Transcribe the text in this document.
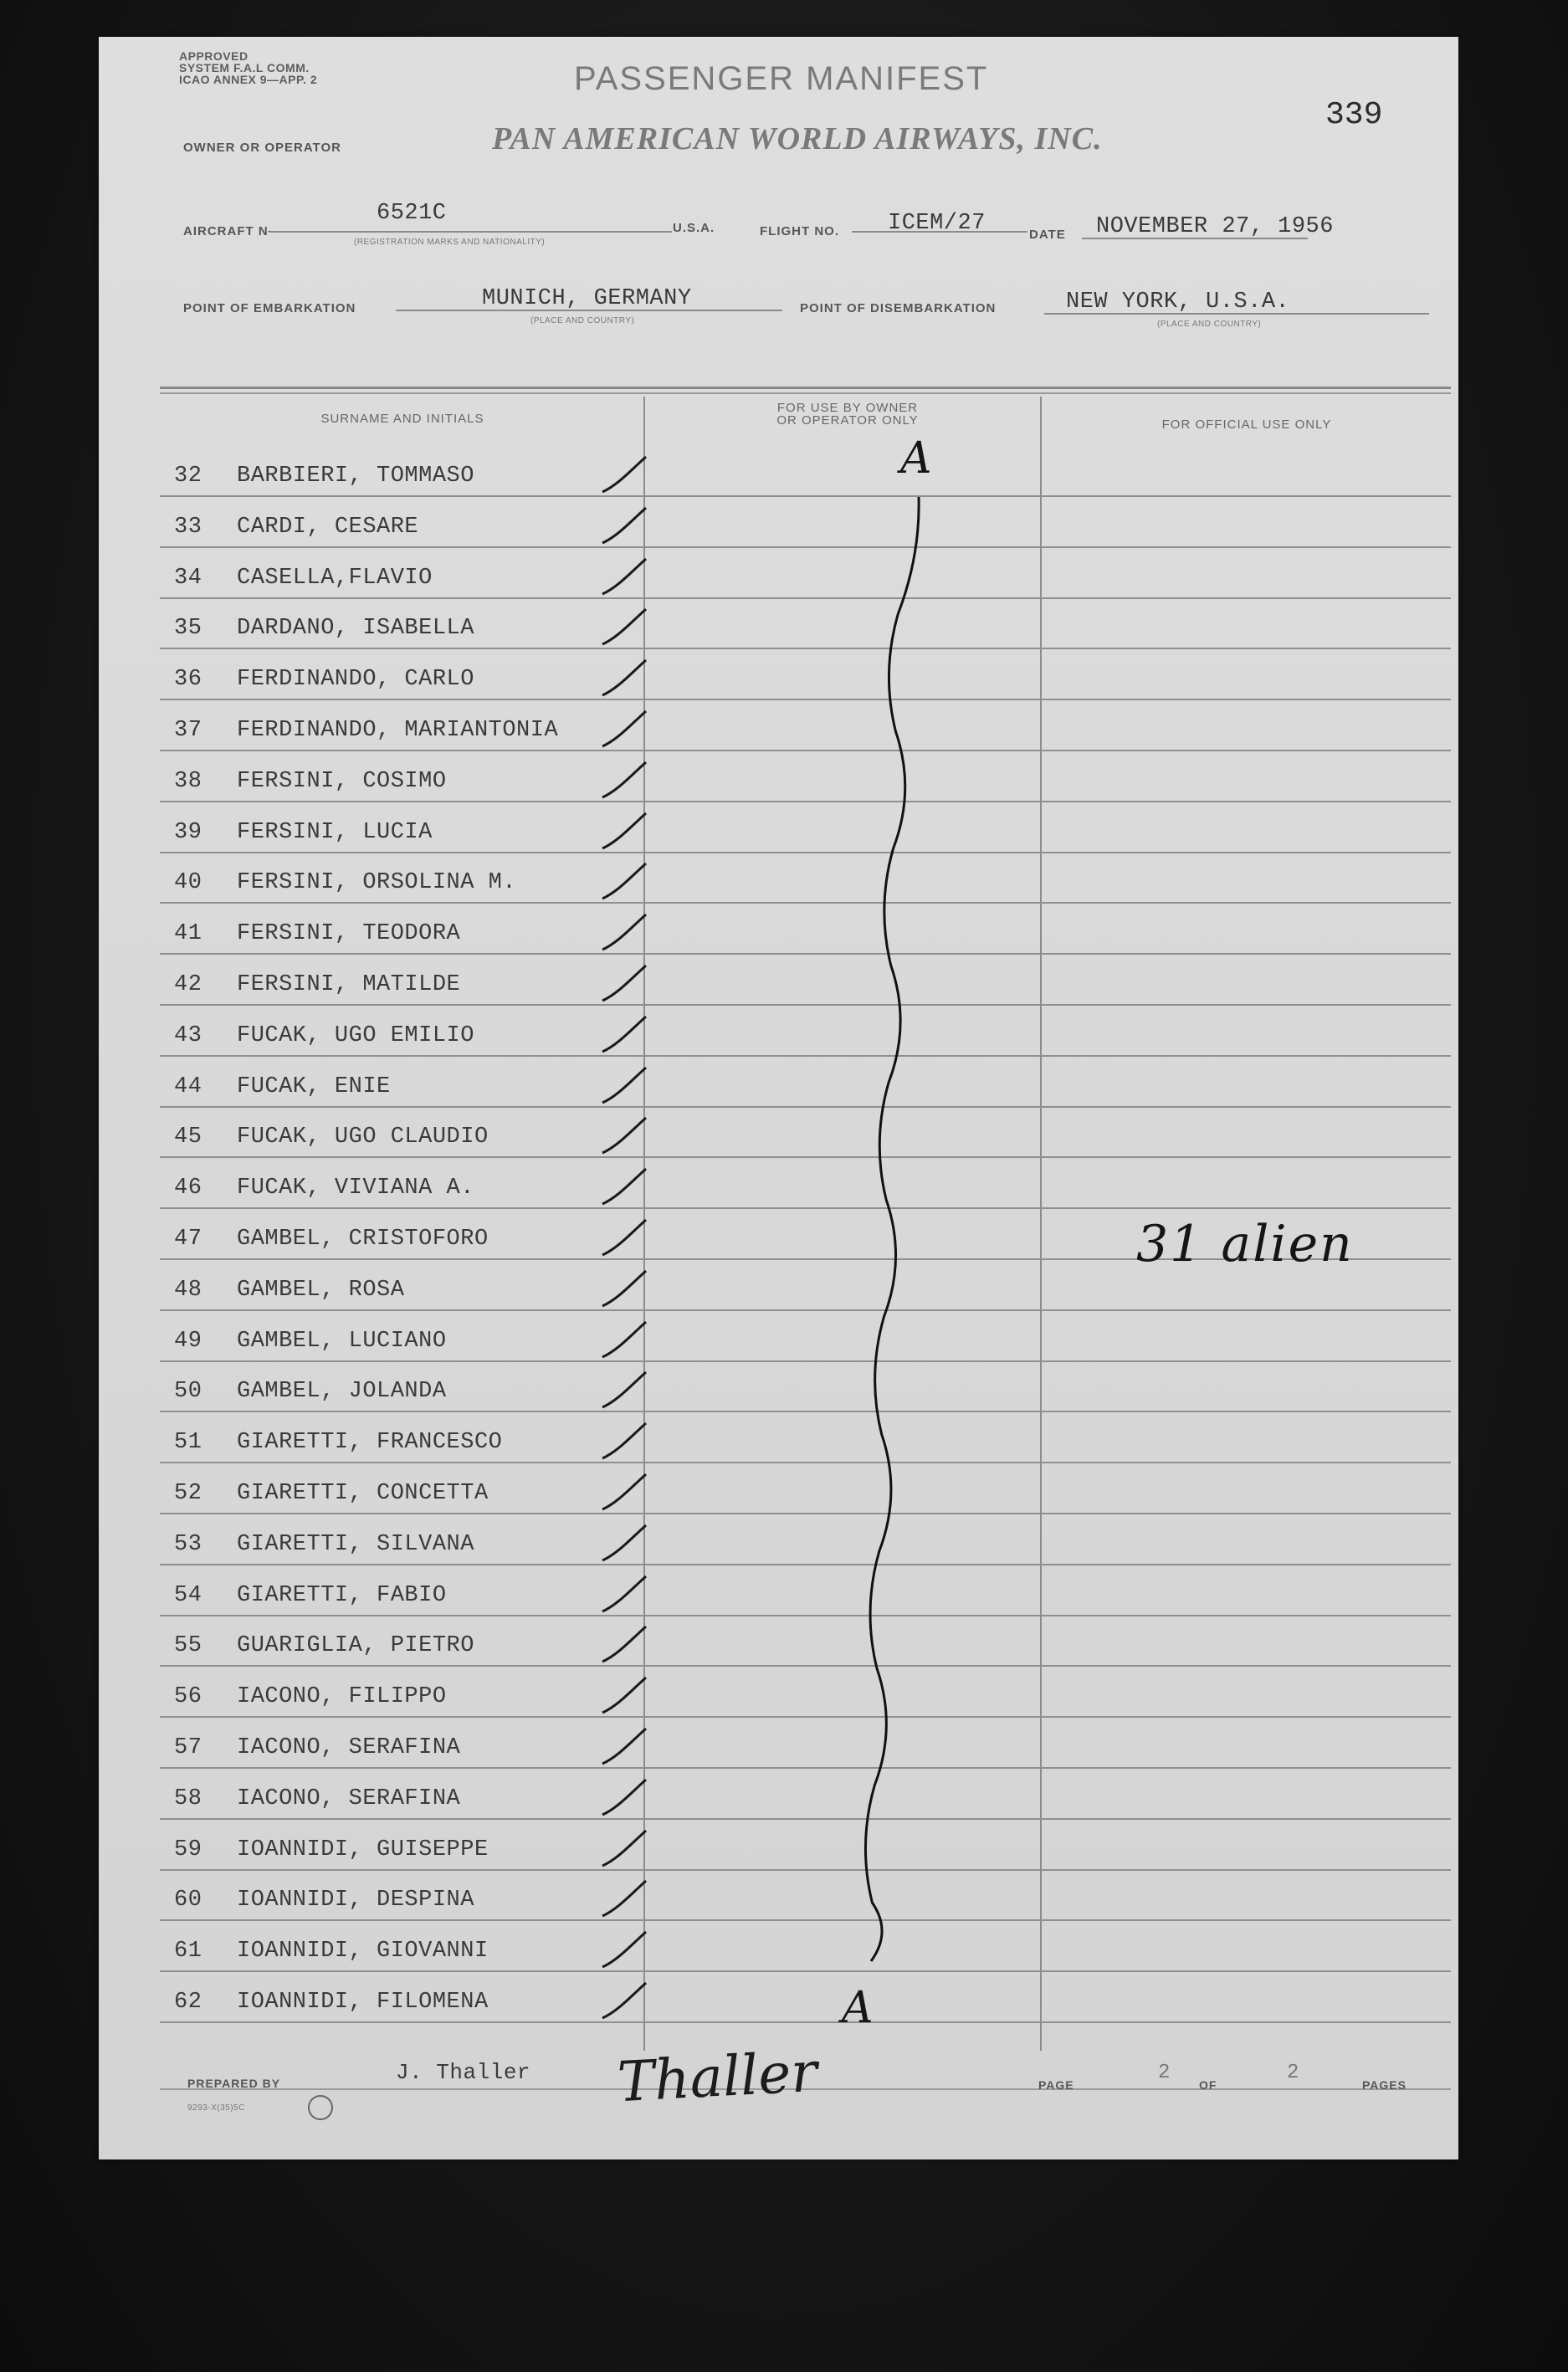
APPROVED
SYSTEM F.A.L COMM.
ICAO ANNEX 9—APP. 2	PASSENGER MANIFEST
339
OWNER OR OPERATOR	PAN AMERICAN WORLD AIRWAYS, INC.
AIRCRAFT N—
6521C
(REGISTRATION MARKS AND NATIONALITY)
U.S.A.	FLIGHT NO. ICEM/27	DATE NOVEMBER 27, 1956
POINT OF EMBARKATION	MUNICH, GERMANY
(PLACE AND COUNTRY)
POINT OF DISEMBARKATION	NEW YORK, U.S.A.
(PLACE AND COUNTRY)
SURNAME AND INITIALS
FOR USE BY OWNER
OR OPERATOR ONLY	FOR OFFICIAL USE ONLY
32 BARBIERI, TOMMASO
33 CARDI, CESARE
34 CASELLA,FLAVIO
35 DARDANO, ISABELLA
36 FERDINANDO, CARLO
37 FERDINANDO, MARIANTONIA
38 FERSINI, COSIMO
39 FERSINI, LUCIA
40 FERSINI, ORSOLINA M.
41 FERSINI, TEODORA
42 FERSINI, MATILDE
43 FUCAK, UGO EMILIO
44 FUCAK, ENIE
45 FUCAK, UGO CLAUDIO
46 FUCAK, VIVIANA A.
47 GAMBEL, CRISTOFORO
48 GAMBEL, ROSA
49 GAMBEL, LUCIANO
50 GAMBEL, JOLANDA
51 GIARETTI, FRANCESCO
52 GIARETTI, CONCETTA
53 GIARETTI, SILVANA
54 GIARETTI, FABIO
55 GUARIGLIA, PIETRO
56 IACONO, FILIPPO
57 IACONO, SERAFINA
58 IACONO, SERAFINA
59 IOANNIDI, GUISEPPE
60 IOANNIDI, DESPINA
61 IOANNIDI, GIOVANNI
62 IOANNIDI, FILOMENA
A
A
31 alien
PREPARED BY	J. Thaller Thaller
9293-X(35)5C
PAGE
2
OF
2
PAGES
